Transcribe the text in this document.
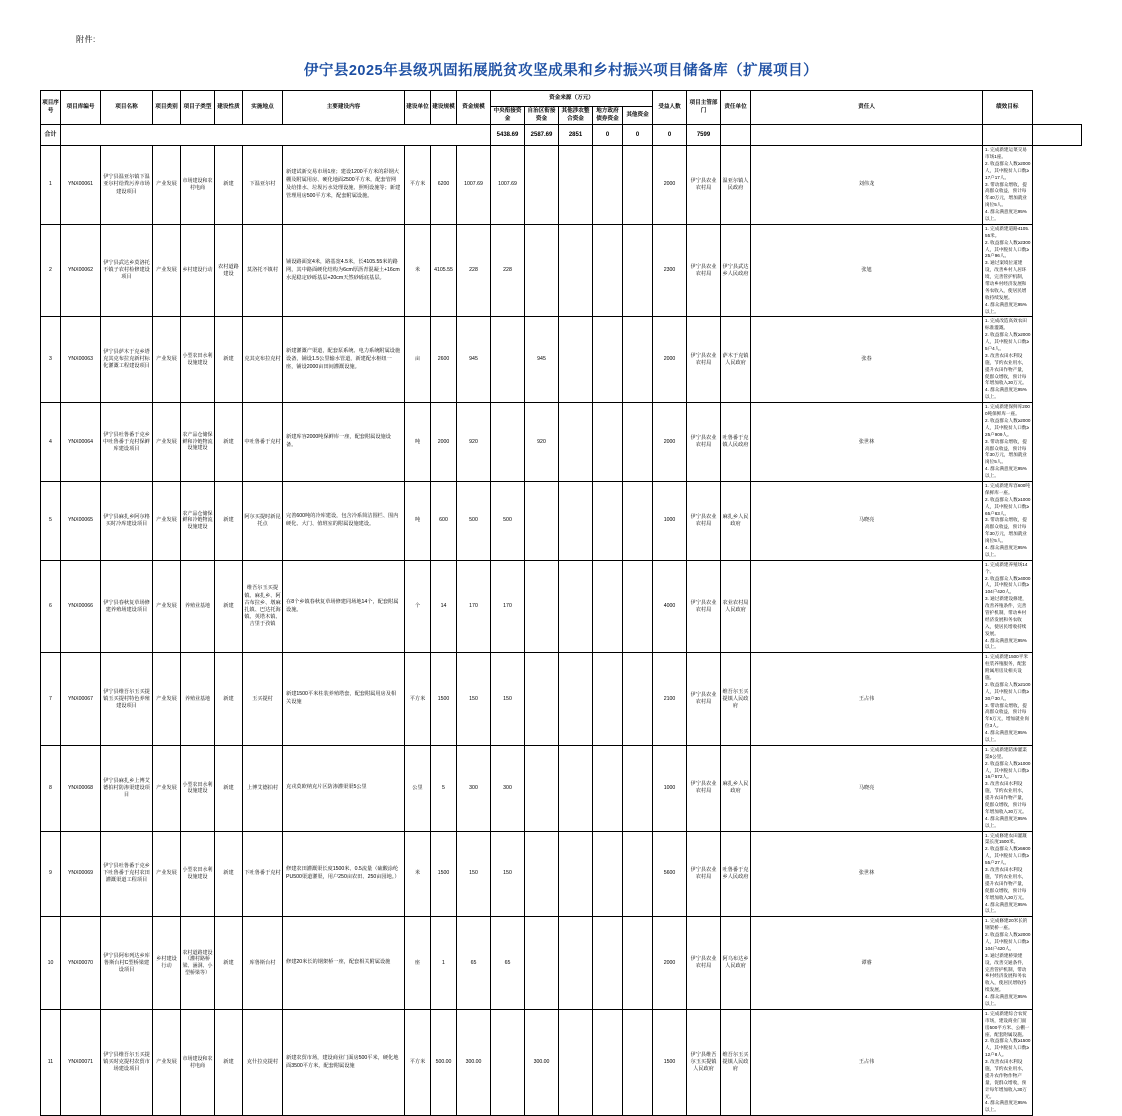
附件:
伊宁县2025年县级巩固拓展脱贫攻坚成果和乡村振兴项目储备库（扩展项目）
项目序号	项目库编号	项目名称	项目类别	项目子类型	建设性质	实施地点	主要建设内容	建设单位	建设规模	资金规模	资金来源（万元）					受益人数	项目主管部门	责任单位	责任人	绩效目标	
											中央衔接资金	自治区衔接资金	其他涉农整合资金	地方政府债券资金	其他资金						
合计											5438.69	2587.69	2851	0	0	0	7599				
1	YNX00061	伊宁县温亚尔镇下温亚尔村给粪污养市场建设项目	产业发展	市场建设和农村电商	新建	下温亚尔村	新建试新交易市场1座；建设1200平方米的彩钢大棚及附属用房、硬化地面2500平方米，配套管网及给排水、垃圾污水处理设施、照明设施等；新建管理用房500平方米，配套附属设施。	平方米	6200	1007.69	1007.69					2000	伊宁县农业农村局	温亚尔镇人民政府	刘伟龙	1. 完成新建运菜交易市场1座。
2. 收益群众人数≥2000人，其中脱贫人口数≥17户17人。
3. 带动群众增收，提高群众收益，预计每年40万元，增加就业岗位5人。
4. 群众满意度达95%以上。	
2	YNX00062	伊宁县武达乡莫洛托不镇子农村检修建设项目	产业发展	乡村建设行动	农村道路建设	莫洛托不镇村	铺设路面宽4米，路基宽4.5米，长4105.55米的路网，其中路面硬化结构为6cm厚沥青混凝土+16cm水泥稳定砂砾基层+20cm天然砂砾底基层。	米	4105.55	228	228					2300	伊宁县农业农村局	伊宁县武达乡人民政府	张旭	1. 完成新建道路4105.55米。
2. 收益群众人数≥2300人，其中脱贫人口数≥25户96人。
3. 通过案境位道建设，改善乡村人居环境，完善管护机制，带动乡村经济发展和务农收入，使居民增收持续发展。
4. 群众满意度达95%以上。	
3	YNX00063	伊宁县萨木于克乡塔克其克布拉克新村标化灌溉工程建设项目	产业发展	小型农田水利设施建设	新建	克其克布拉克村	新建灌溉产渠道，配套泵系统、电力系统附属设施设备，铺设1.5公里输水管道，新建配水枢纽一座，铺设2000亩田间灌溉设施。	亩	2600	945		945				2000	伊宁县农业农村局	萨木于克镇人民政府	张春	1. 完成改造高效农田标准灌溉。
2. 收益群众人数≥2000人，其中脱贫人口数≥5户4人。
3. 改善农田水利设施，节约农业用水，提升农田作物产量，促群众增收，预计每年增加收入30万元。
4. 群众满意度达95%以上。	
4	YNX00064	伊宁县吐鲁番于克乡中吐鲁番于克村保鲜库建设项目	产业发展	农产品仓储保鲜和冷链物流设施建设	新建	中吐鲁番于克村	新建库容2000吨保鲜库一座，配套附属设施设备。	吨	2000	920		920				2000	伊宁县农业农村局	吐鲁番于克镇人民政府	张世林	1. 完成新建保鲜库2000吨保鲜库一座。
2. 收益群众人数≥2000人，其中脱贫人口数≥25户909人。
3. 带动群众增收，提高群众收益，预计每年30万元，增加就业岗位5人。
4. 群众满意度达95%以上。	
5	YNX00065	伊宁县麻扎乡阿尔格买时冷库建设项目	产业发展	农产品仓储保鲜和冷链物流设施建设	新建	阿尔买提时新昆托点	完善600吨的冷库建设，包含冷系简洁围栏、围内硬化、大门、值班室的附属设施建设。	吨	600	500	500					1000	伊宁县农业农村局	麻扎乡人民政府	马晓亮	1. 完成新建库容600吨保鲜库一座。
2. 收益群众人数≥1000人，其中脱贫人口数≥65户63人。
3. 带动群众增收，提高群众收益，预计每年30万元，增加就业岗位5人。
4. 群众满意度达95%以上。	
6	YNX00066	伊宁县春秋复草场修建养殖场建设项目	产业发展	养殖业基地	新建	维吾尔玉买提镇、麻扎乡、阿古布拉乡、墩麻扎镇、巴达托海镇、英塔木镇、吉里于孜镇	在8个乡镇春秋复草场修建同场地14个，配套附属设施。	个	14	170	170					4000	伊宁县农业农村局	农业农村局人民政府		1. 完成新建养殖场14个。
2. 收益群众人数≥4000人，其中脱贫人口数≥104户420人。
3. 通过新建设修建，改善养殖条件，完善管护机制，带动乡村经济发展和务农收入，使居民增收持续发展。
4. 群众满意度达95%以上。	
7	YNX00067	伊宁县维吾尔玉买提镇玉买提村特色养殖建设项目	产业发展	养殖业基地	新建	玉买提村	新建1500平米柱装养殖塔套，配套附属用房及相关设施	平方米	1500	150	150					2100	伊宁县农业农村局	维吾尔玉买提镇人民政府	王占伟	1. 完成新建1500平米柱装养殖服务，配套附属用房及相关设施。
2. 收益群众人数≥2100人，其中脱贫人口数≥30户30人。
3. 带动群众增收，提高群众收益，预计每年5万元，增加就业岗位3人。
4. 群众满意度达95%以上。	
8	YNX00068	伊宁县麻扎乡上博艾德拍村防渗渠建设项目	产业发展	小型农田水利设施建设	新建	上博艾德拍村	克戎莫欧纳克片区防渗灌渠渠5公里	公里	5	300	300					1000	伊宁县农业农村局	麻扎乡人民政府	马晓亮	1. 完成新建防渗灌渠渠5公里。
2. 收益群众人数≥1000人，其中脱贫人口数≥16户572人。
3. 改善农田水利设施，节约农业用水，提升农田作物产量，促群众增收，预计每年增加收入30万元。
4. 群众满意度达95%以上。	
9	YNX00069	伊宁县吐鲁番于克乡下吐鲁番于克村农田灌溉渠道工程项目	产业发展	小型农田水利设施建设	新建	下吐鲁番于克村	修建农田灌溉渠长度1500米、0.5流量（硫酸涂纶PU500渠道灌渠，用户250亩农田、250亩园地。）	米	1500	150	150					5600	伊宁县农业农村局	吐鲁番于克乡人民政府	张世林	1. 完成修建农田灌溉渠长度1500米。
2. 收益群众人数≥5600人，其中脱贫人口数≥55户27人。
3. 改善农田水利设施，节约农业用水，提升农田作物产量，促群众增收，预计每年增加收入30万元。
4. 群众满意度达95%以上。	
10	YNX00070	伊宁县阿布列达乡库鲁斯台村C型桥梁建设项目	乡村建设行动	农村道路建设（灌村路桥梁、涵洞、小型桥梁等）	新建	库鲁斯台村	修建20米长的钢架桥一座，配套相关附属设施	座	1	65	65					2000	伊宁县农业农村局	阿乌布达乡人民政府	谭睿	1. 完成修建20米长的钢架桥一座。
2. 收益群众人数≥2000人，其中脱贫人口数≥104户420人。
3. 通过新建桥梁建设，改善交通条件，完善管护机制，带动乡村经济发展和务农收入，使居民增收持续发展。
4. 群众满意度达95%以上。	
11	YNX00071	伊宁县维吾尔玉买提镇买时克提村农贸市场建设项目	产业发展	市场建设和农村电商	新建	克什拉克提村	新建农贸市场，建设商业门面房500平米，硬化地面3500平方米，配套附属设施	平方米	500.00	300.00		300.00				1500	伊宁县维吾尔玉买提镇人民政府	维吾尔玉买提镇人民政府	王占伟	1. 完成新建综合农贸市场，建设商业门面房500平方米、公棚一座、配套附属设施。
2. 收益群众人数≥1500人，其中脱贫人口数≥12户8人。
3. 改善农田水利设施，节约农业用水，提升农作物作物产量，促群众增收，预计每年增加收入30万元。
4. 群众满意度达95%以上。	
